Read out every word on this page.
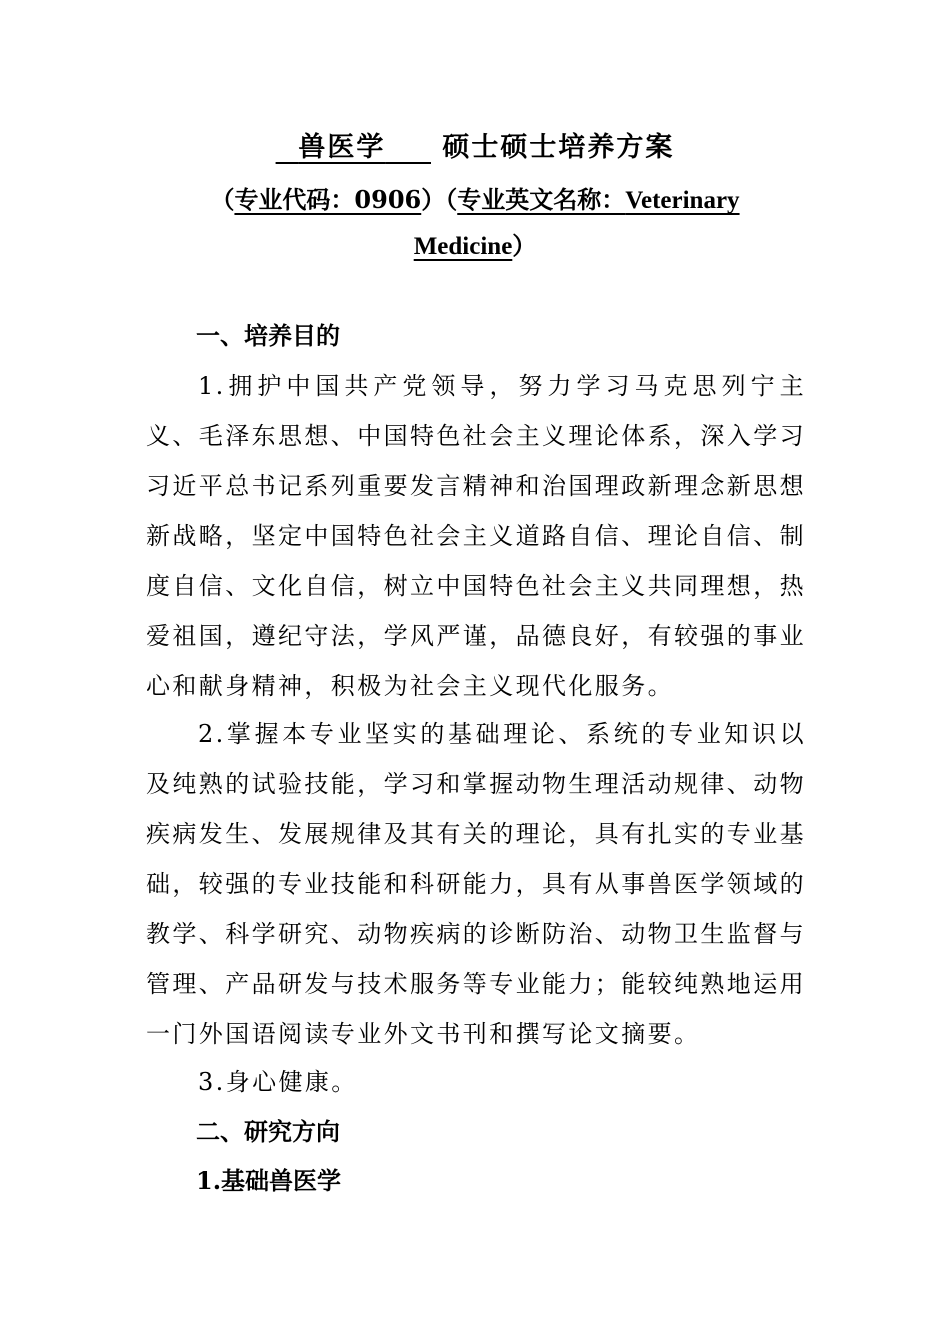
兽医学 硕士硕士培养方案
（专业代码：0906）（专业英文名称：Veterinary
Medicine）
一、培养目的
1.拥护中国共产党领导，努力学习马克思列宁主义、毛泽东思想、中国特色社会主义理论体系，深入学习习近平总书记系列重要发言精神和治国理政新理念新思想新战略，坚定中国特色社会主义道路自信、理论自信、制度自信、文化自信，树立中国特色社会主义共同理想，热爱祖国，遵纪守法，学风严谨，品德良好，有较强的事业心和献身精神，积极为社会主义现代化服务。
2.掌握本专业坚实的基础理论、系统的专业知识以及纯熟的试验技能，学习和掌握动物生理活动规律、动物疾病发生、发展规律及其有关的理论，具有扎实的专业基础，较强的专业技能和科研能力，具有从事兽医学领域的教学、科学研究、动物疾病的诊断防治、动物卫生监督与管理、产品研发与技术服务等专业能力；能较纯熟地运用一门外国语阅读专业外文书刊和撰写论文摘要。
3.身心健康。
二、研究方向
1.基础兽医学
